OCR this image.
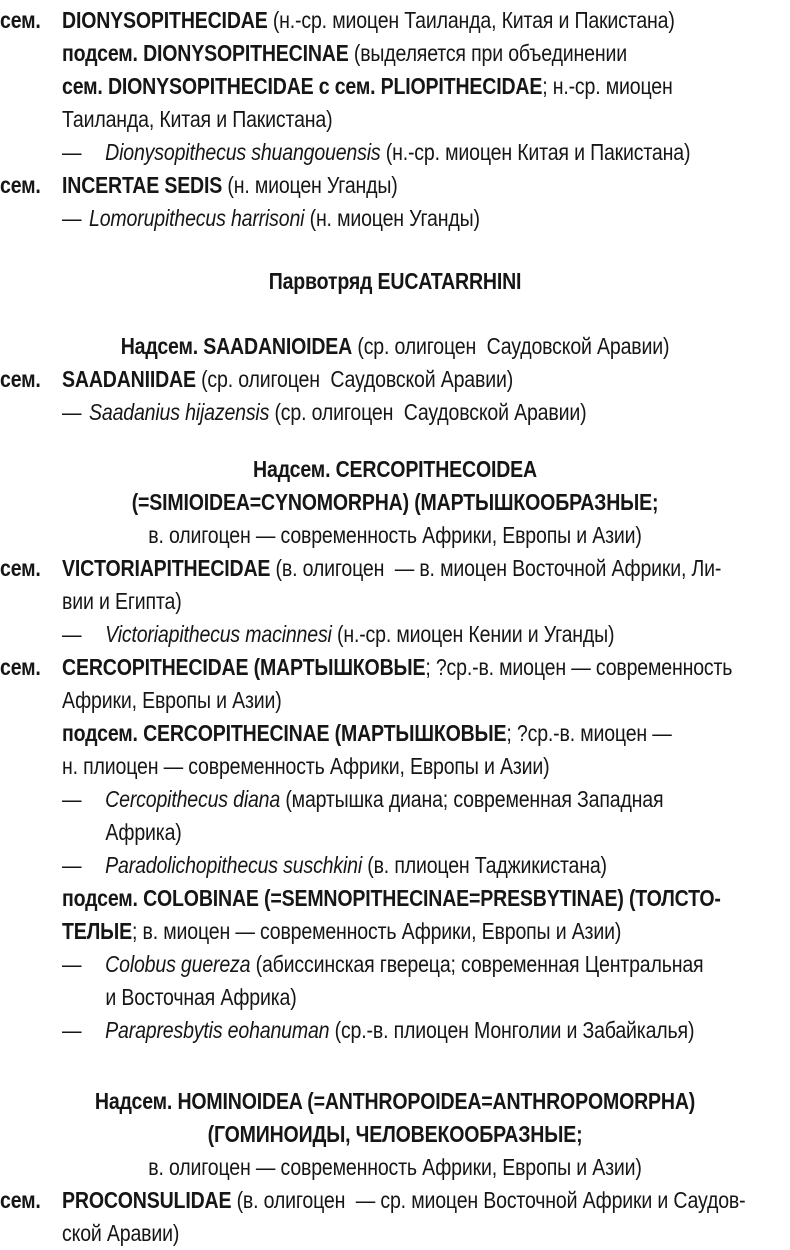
сем. DIONYSOPITHECIDAE (н.-ср. миоцен Таиланда, Китая и Пакистана)
подсем. DIONYSOPITHECINAE (выделяется при объединении
сем. DIONYSOPITHECIDAE с сем. PLIOPITHECIDAE; н.-ср. миоцен
Таиланда, Китая и Пакистана)
— Dionysopithecus shuangouensis (н.-ср. миоцен Китая и Пакистана)
сем. INCERTAE SEDIS (н. миоцен Уганды)
— Lomorupithecus harrisoni (н. миоцен Уганды)
Парвотряд EUCATARRHINI
Надсем. SAADANIOIDEA (ср. олигоцен  Саудовской Аравии)
сем. SAADANIIDAE (ср. олигоцен  Саудовской Аравии)
— Saadanius hijazensis (ср. олигоцен  Саудовской Аравии)
Надсем. CERCOPITHECOIDEA
(=SIMIOIDEA=CYNOMORPHA) (МАРТЫШКООБРАЗНЫЕ;
в. олигоцен — современность Африки, Европы и Азии)
сем. VICTORIAPITHECIDAE (в. олигоцен  — в. миоцен Восточной Африки, Ли-
вии и Египта)
— Victoriapithecus macinnesi (н.-ср. миоцен Кении и Уганды)
сем. CERCOPITHECIDAE (МАРТЫШКОВЫЕ; ?ср.-в. миоцен — современность
Африки, Европы и Азии)
подсем. CERCOPITHECINAE (МАРТЫШКОВЫЕ; ?ср.-в. миоцен —
н. плиоцен — современность Африки, Европы и Азии)
— Cercopithecus diana (мартышка диана; современная Западная
Африка)
— Paradolichopithecus suschkini (в. плиоцен Таджикистана)
подсем. COLOBINAE (=SEMNOPITHECINAE=PRESBYTINAE) (ТОЛСТО-
ТЕЛЫЕ; в. миоцен — современность Африки, Европы и Азии)
— Colobus guereza (абиссинская гвереца; современная Центральная
и Восточная Африка)
— Parapresbytis eohanuman (ср.-в. плиоцен Монголии и Забайкалья)
Надсем. HOMINOIDEA (=ANTHROPOIDEA=ANTHROPOMORPHA)
(ГОМИНОИДЫ, ЧЕЛОВЕКООБРАЗНЫЕ;
в. олигоцен — современность Африки, Европы и Азии)
сем. PROCONSULIDAE (в. олигоцен  — ср. миоцен Восточной Африки и Саудов-
ской Аравии)
